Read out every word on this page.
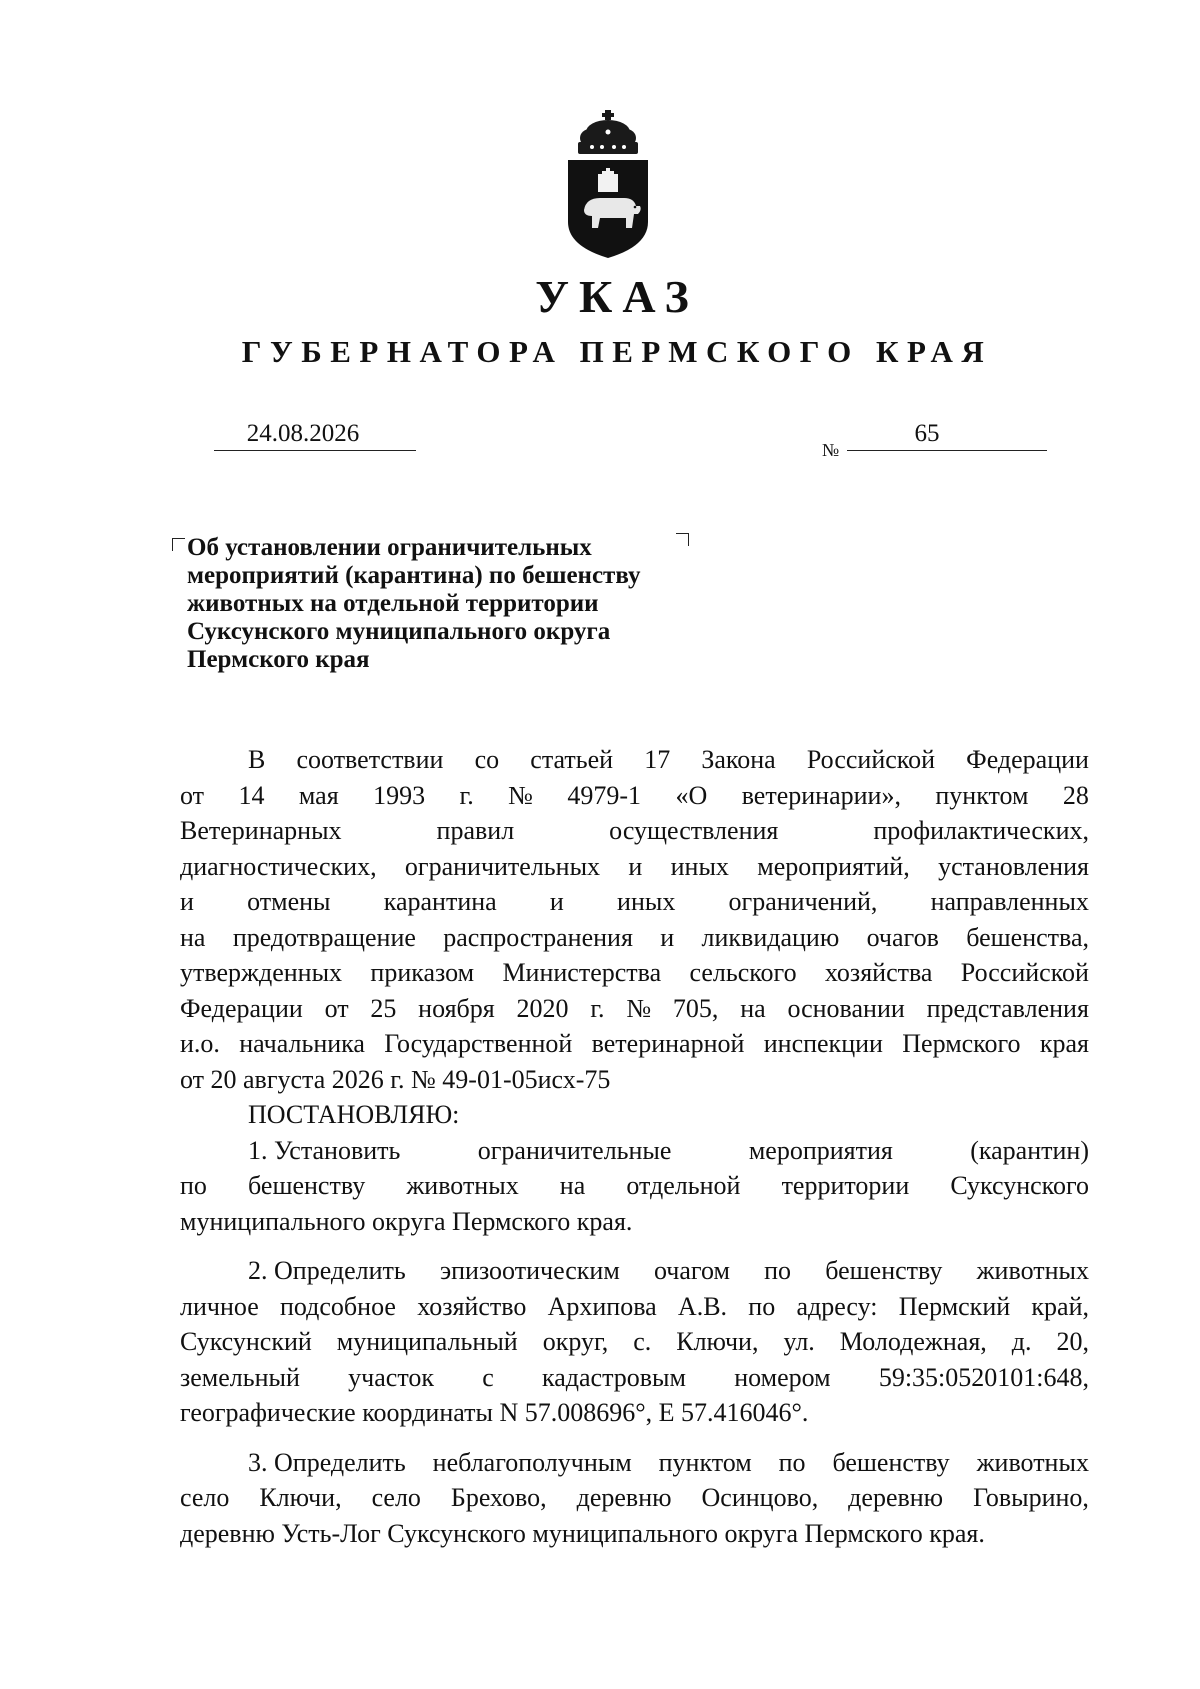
УКАЗ
ГУБЕРНАТОРА ПЕРМСКОГО КРАЯ
24.08.2026
№
65
Об установлении ограничительных
мероприятий (карантина) по бешенству
животных на отдельной территории
Суксунского муниципального округа
Пермского края
В соответствии со статьей 17 Закона Российской Федерации
от 14 мая 1993 г. № 4979-1 «О ветеринарии», пунктом 28
Ветеринарных	правил	осуществления	профилактических,
диагностических, ограничительных и иных мероприятий, установления
и отмены карантина и иных ограничений, направленных
на предотвращение распространения и ликвидацию очагов бешенства,
утвержденных приказом Министерства сельского хозяйства Российской
Федерации от 25 ноября 2020 г. № 705, на основании представления
и.о. начальника Государственной ветеринарной инспекции Пермского края
от 20 августа 2026 г. № 49-01-05исх-75
ПОСТАНОВЛЯЮ:
1. Установить	ограничительные	мероприятия	(карантин)
по бешенству животных на отдельной территории Суксунского
муниципального округа Пермского края.
2. Определить эпизоотическим очагом по бешенству животных
личное подсобное хозяйство Архипова А.В. по адресу: Пермский край,
Суксунский муниципальный округ, с. Ключи, ул. Молодежная, д. 20,
земельный участок с кадастровым номером 59:35:0520101:648,
географические координаты N 57.008696°, E 57.416046°.
3. Определить неблагополучным пунктом по бешенству животных
село Ключи, село Брехово, деревню Осинцово, деревню Говырино,
деревню Усть-Лог Суксунского муниципального округа Пермского края.
